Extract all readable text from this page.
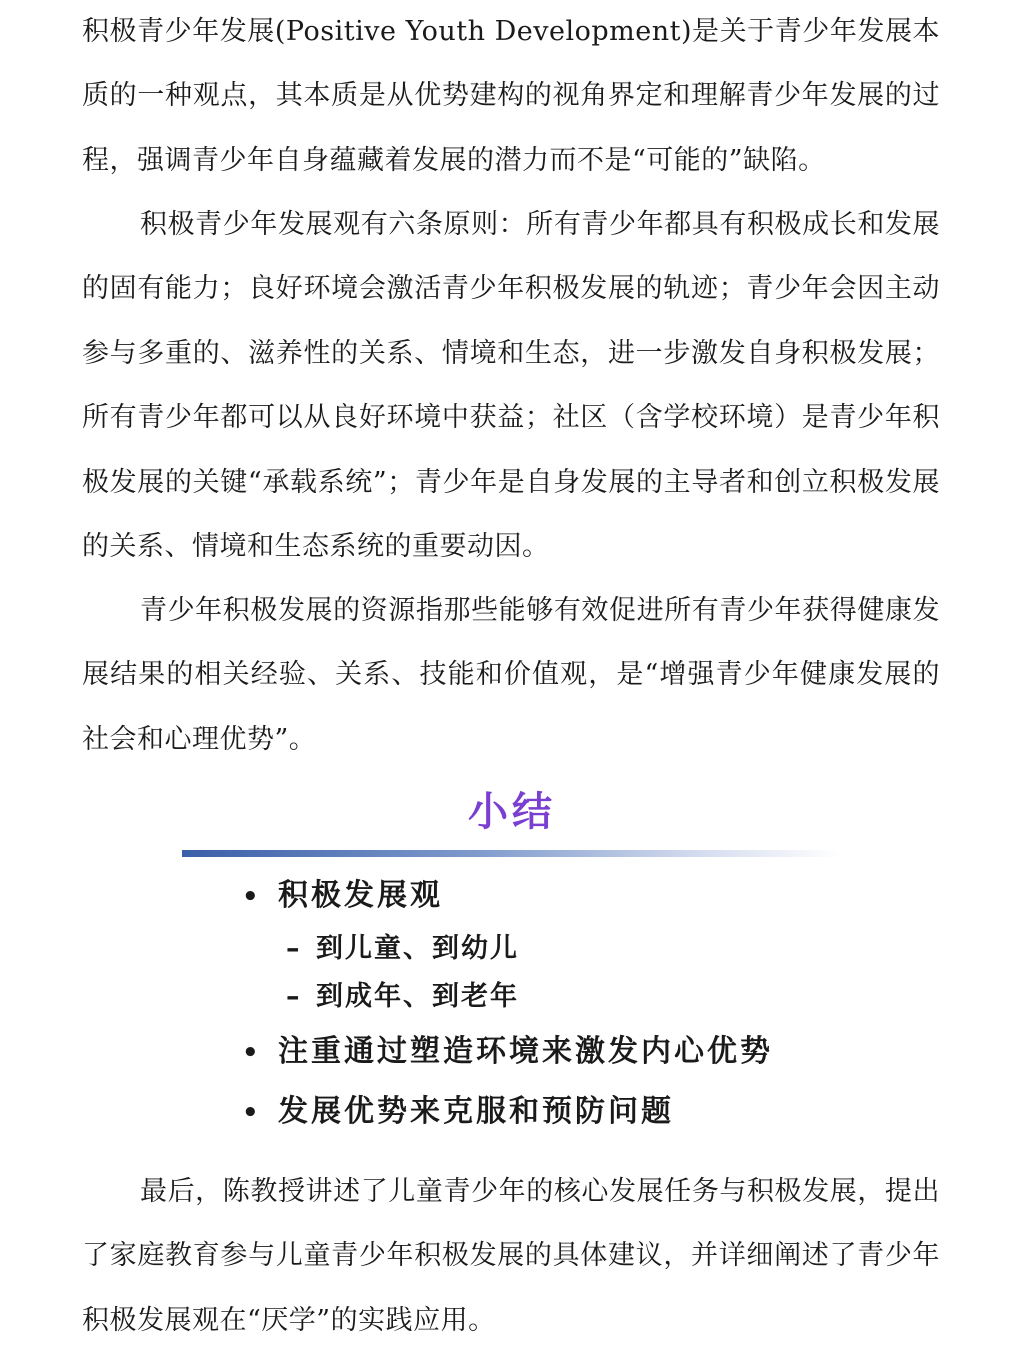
积极青少年发展(Positive Youth Development)是关于青少年发展本质的一种观点，其本质是从优势建构的视角界定和理解青少年发展的过程，强调青少年自身蕴藏着发展的潜力而不是“可能的”缺陷。

积极青少年发展观有六条原则：所有青少年都具有积极成长和发展的固有能力；良好环境会激活青少年积极发展的轨迹；青少年会因主动参与多重的、滋养性的关系、情境和生态，进一步激发自身积极发展；所有青少年都可以从良好环境中获益；社区（含学校环境）是青少年积极发展的关键“承载系统”；青少年是自身发展的主导者和创立积极发展的关系、情境和生态系统的重要动因。

青少年积极发展的资源指那些能够有效促进所有青少年获得健康发展结果的相关经验、关系、技能和价值观，是“增强青少年健康发展的社会和心理优势”。

最后，陈教授讲述了儿童青少年的核心发展任务与积极发展，提出了家庭教育参与儿童青少年积极发展的具体建议，并详细阐述了青少年积极发展观在“厌学”的实践应用。

小结
• 积极发展观
– 到儿童、到幼儿
– 到成年、到老年
• 注重通过塑造环境来激发内心优势
• 发展优势来克服和预防问题
